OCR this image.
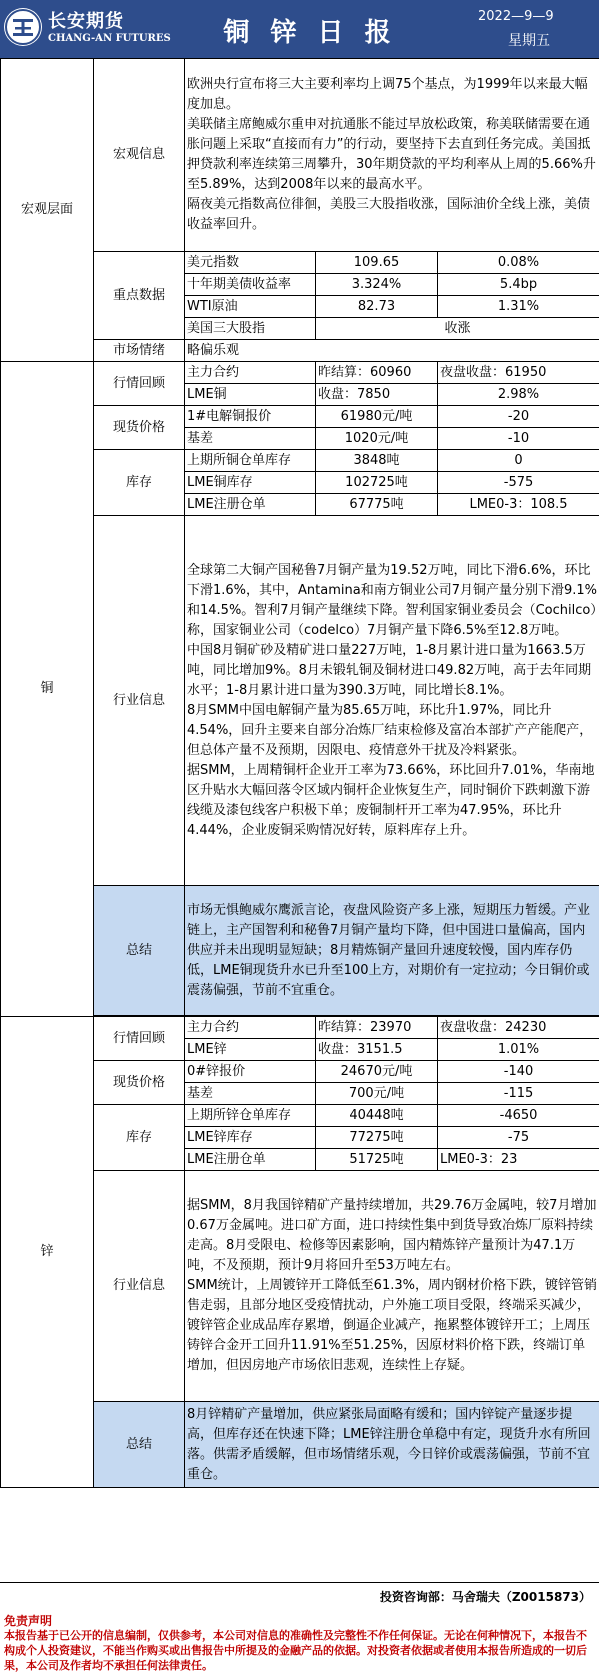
长安期货
CHANG-AN FUTURES	铜 锌 日 报
2022—9—9
星期五
宏观层面	宏观信息	欧洲央行宣布将三大主要利率均上调75个基点，为1999年以来最大幅度加息。
美联储主席鲍威尔重申对抗通胀不能过早放松政策，称美联储需要在通胀问题上采取“直接而有力”的行动，要坚持下去直到任务完成。美国抵押贷款利率连续第三周攀升，30年期贷款的平均利率从上周的5.66%升至5.89%，达到2008年以来的最高水平。
隔夜美元指数高位徘徊，美股三大股指收涨，国际油价全线上涨，美债收益率回升。		

	重点数据	美元指数	109.65	0.08%
		十年期美债收益率	3.324%	5.4bp
		WTI原油	82.73	1.31%
		美国三大股指	收涨	
	市场情绪	略偏乐观		
铜	行情回顾	主力合约	昨结算：60960	夜盘收盘：61950
		LME铜	收盘：7850	2.98%
	现货价格	1#电解铜报价	61980元/吨	-20
		基差	1020元/吨	-10
	库存	上期所铜仓单库存	3848吨	0
		LME铜库存	102725吨	-575
		LME注册仓单	67775吨	LME0-3：108.5
	行业信息	全球第二大铜产国秘鲁7月铜产量为19.52万吨，同比下滑6.6%，环比下滑1.6%，其中，Antamina和南方铜业公司7月铜产量分别下滑9.1%和14.5%。智利7月铜产量继续下降。智利国家铜业委员会（Cochilco）称，国家铜业公司（codelco）7月铜产量下降6.5%至12.8万吨。
中国8月铜矿砂及精矿进口量227万吨，1-8月累计进口量为1663.5万吨，同比增加9%。8月未锻轧铜及铜材进口49.82万吨，高于去年同期水平；1-8月累计进口量为390.3万吨，同比增长8.1%。
8月SMM中国电解铜产量为85.65万吨，环比升1.97%，同比升4.54%，回升主要来自部分冶炼厂结束检修及富冶本部扩产产能爬产，但总体产量不及预期，因限电、疫情意外干扰及冷料紧张。
据SMM，上周精铜杆企业开工率为73.66%，环比回升7.01%，华南地区升贴水大幅回落令区域内铜杆企业恢复生产，同时铜价下跌刺激下游线缆及漆包线客户积极下单；废铜制杆开工率为47.95%，环比升4.44%，企业废铜采购情况好转，原料库存上升。		

	总结	市场无惧鲍威尔鹰派言论，夜盘风险资产多上涨，短期压力暂缓。产业链上，主产国智利和秘鲁7月铜产量均下降，但中国进口量偏高，国内供应并未出现明显短缺；8月精炼铜产量回升速度较慢，国内库存仍低，LME铜现货升水已升至100上方，对期价有一定拉动；今日铜价或震荡偏强，节前不宜重仓。		

锌	行情回顾	主力合约	昨结算：23970	夜盘收盘：24230
		LME锌	收盘：3151.5	1.01%
	现货价格	0#锌报价	24670元/吨	-140
		基差	700元/吨	-115
	库存	上期所锌仓单库存	40448吨	-4650
		LME锌库存	77275吨	-75
		LME注册仓单	51725吨	LME0-3：23
	行业信息	据SMM，8月我国锌精矿产量持续增加，共29.76万金属吨，较7月增加0.67万金属吨。进口矿方面，进口持续性集中到货导致冶炼厂原料持续走高。8月受限电、检修等因素影响，国内精炼锌产量预计为47.1万吨，不及预期，预计9月将回升至53万吨左右。
SMM统计，上周镀锌开工降低至61.3%，周内钢材价格下跌，镀锌管销售走弱，且部分地区受疫情扰动，户外施工项目受限，终端采买减少，镀锌管企业成品库存累增，倒逼企业减产，拖累整体镀锌开工；上周压铸锌合金开工回升11.91%至51.25%，因原材料价格下跌，终端订单增加，但因房地产市场依旧悲观，连续性上存疑。		

	总结	8月锌精矿产量增加，供应紧张局面略有缓和；国内锌锭产量逐步提高，但库存还在快速下降；LME锌注册仓单稳中有定，现货升水有所回落。供需矛盾缓解，但市场情绪乐观，今日锌价或震荡偏强，节前不宜重仓。		
投资咨询部：马舍瑞夫（Z0015873）
免责声明
本报告基于已公开的信息编制，仅供参考，本公司对信息的准确性及完整性不作任何保证。无论在何种情况下，本报告不构成个人投资建议，不能当作购买或出售报告中所提及的金融产品的依据。对投资者依据或者使用本报告所造成的一切后果，本公司及作者均不承担任何法律责任。
